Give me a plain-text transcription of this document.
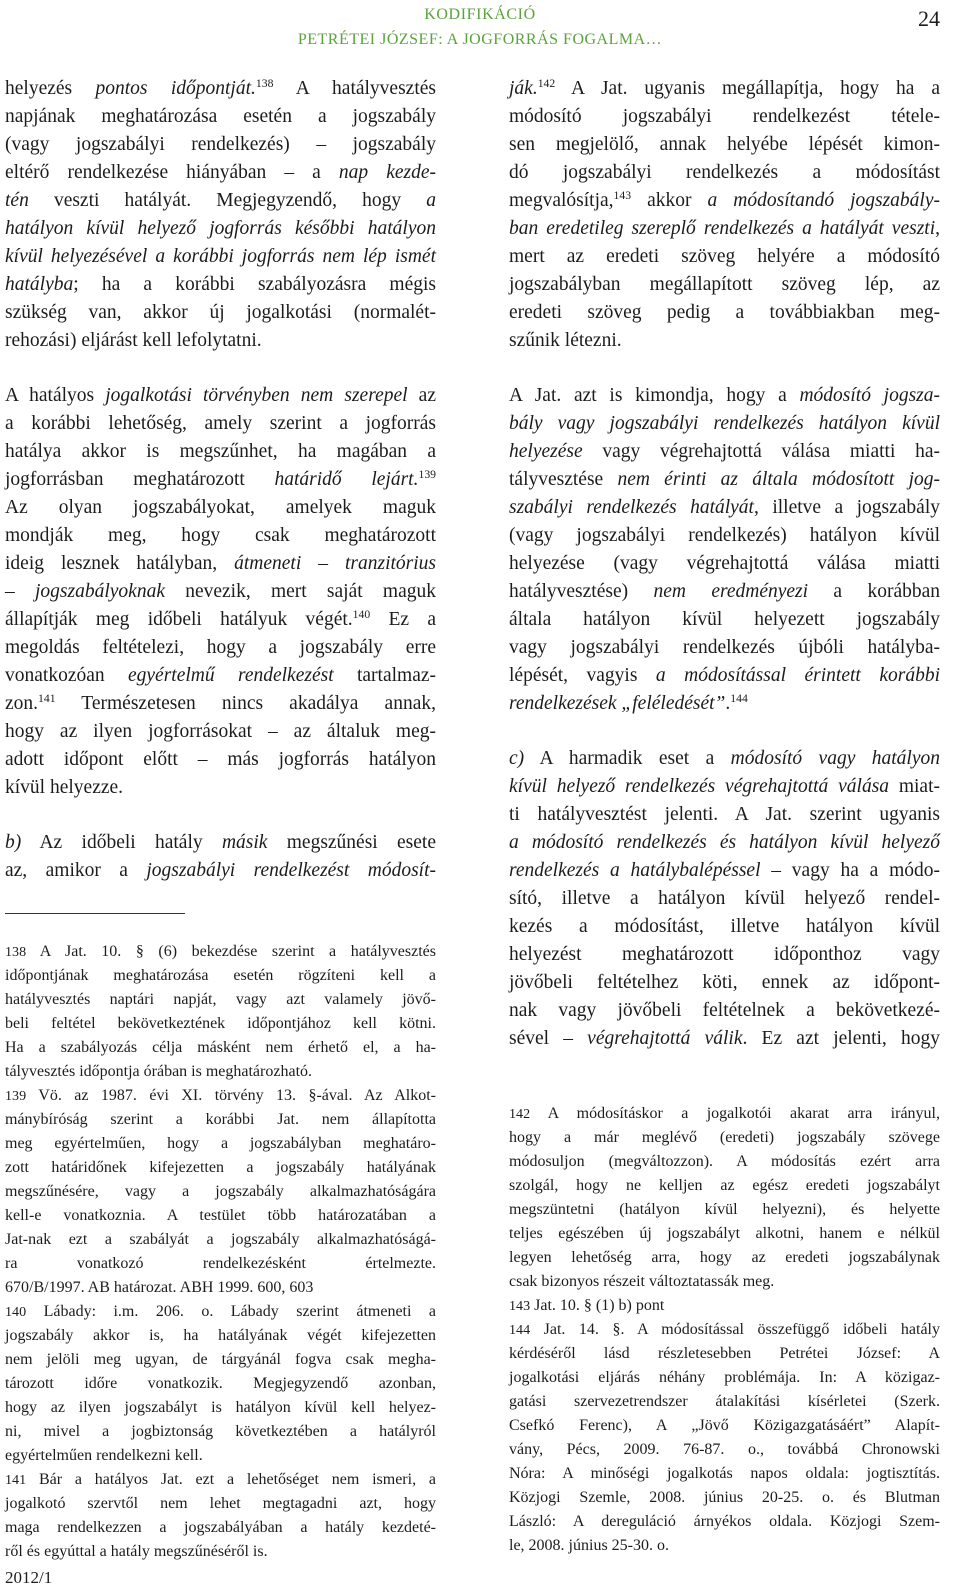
KODIFIKÁCIÓ
PETRÉTEI JÓZSEF: A JOGFORRÁS FOGALMA…
24
helyezés pontos időpontját.$^{138}$ A hatályvesztés
napjának meghatározása esetén a jogszabály
(vagy jogszabályi rendelkezés) – jogszabály
eltérő rendelkezése hiányában – a nap kezde-
tén veszti hatályát. Megjegyzendő, hogy a
hatályon kívül helyező jogforrás későbbi hatályon
kívül helyezésével a korábbi jogforrás nem lép ismét
hatályba; ha a korábbi szabályozásra mégis
szükség van, akkor új jogalkotási (normalét-
rehozási) eljárást kell lefolytatni.
A hatályos jogalkotási törvényben nem szerepel az
a korábbi lehetőség, amely szerint a jogforrás
hatálya akkor is megszűnhet, ha magában a
jogforrásban meghatározott határidő lejárt.$^{139}$
Az olyan jogszabályokat, amelyek maguk
mondják meg, hogy csak meghatározott
ideig lesznek hatályban, átmeneti – tranzitórius
– jogszabályoknak nevezik, mert saját maguk
állapítják meg időbeli hatályuk végét.$^{140}$ Ez a
megoldás feltételezi, hogy a jogszabály erre
vonatkozóan egyértelmű rendelkezést tartalmaz-
zon.$^{141}$ Természetesen nincs akadálya annak,
hogy az ilyen jogforrásokat – az általuk meg-
adott időpont előtt – más jogforrás hatályon
kívül helyezze.
b) Az időbeli hatály másik megszűnési esete
az, amikor a jogszabályi rendelkezést módosít-
138 A Jat. 10. § (6) bekezdése szerint a hatályvesztés
időpontjának meghatározása esetén rögzíteni kell a
hatályvesztés naptári napját, vagy azt valamely jövő-
beli feltétel bekövetkeztének időpontjához kell kötni.
Ha a szabályozás célja másként nem érhető el, a ha-
tályvesztés időpontja órában is meghatározható.
139 Vö. az 1987. évi XI. törvény 13. §-ával. Az Alkot-
mánybíróság szerint a korábbi Jat. nem állapította
meg egyértelműen, hogy a jogszabályban meghatáro-
zott határidőnek kifejezetten a jogszabály hatályának
megszűnésére, vagy a jogszabály alkalmazhatóságára
kell-e vonatkoznia. A testület több határozatában a
Jat-nak ezt a szabályát a jogszabály alkalmazhatóságá-
ra vonatkozó rendelkezésként értelmezte.
670/B/1997. AB határozat. ABH 1999. 600, 603
140 Lábady: i.m. 206. o. Lábady szerint átmeneti a
jogszabály akkor is, ha hatályának végét kifejezetten
nem jelöli meg ugyan, de tárgyánál fogva csak megha-
tározott időre vonatkozik. Megjegyzendő azonban,
hogy az ilyen jogszabályt is hatályon kívül kell helyez-
ni, mivel a jogbiztonság következtében a hatályról
egyértelműen rendelkezni kell.
141 Bár a hatályos Jat. ezt a lehetőséget nem ismeri, a
jogalkotó szervtől nem lehet megtagadni azt, hogy
maga rendelkezzen a jogszabályában a hatály kezdeté-
ről és egyúttal a hatály megszűnéséről is.
ják.$^{142}$ A Jat. ugyanis megállapítja, hogy ha a
módosító jogszabályi rendelkezést tétele-
sen megjelölő, annak helyébe lépését kimon-
dó jogszabályi rendelkezés a módosítást
megvalósítja,$^{143}$ akkor a módosítandó jogszabály-
ban eredetileg szereplő rendelkezés a hatályát veszti,
mert az eredeti szöveg helyére a módosító
jogszabályban megállapított szöveg lép, az
eredeti szöveg pedig a továbbiakban meg-
szűnik létezni.
A Jat. azt is kimondja, hogy a módosító jogsza-
bály vagy jogszabályi rendelkezés hatályon kívül
helyezése vagy végrehajtottá válása miatti ha-
tályvesztése nem érinti az általa módosított jog-
szabályi rendelkezés hatályát, illetve a jogszabály
(vagy jogszabályi rendelkezés) hatályon kívül
helyezése (vagy végrehajtottá válása miatti
hatályvesztése) nem eredményezi a korábban
általa hatályon kívül helyezett jogszabály
vagy jogszabályi rendelkezés újbóli hatályba-
lépését, vagyis a módosítással érintett korábbi
rendelkezések „feléledését”.$^{144}$
c) A harmadik eset a módosító vagy hatályon
kívül helyező rendelkezés végrehajtottá válása miat-
ti hatályvesztést jelenti. A Jat. szerint ugyanis
a módosító rendelkezés és hatályon kívül helyező
rendelkezés a hatálybalépéssel – vagy ha a módo-
sító, illetve a hatályon kívül helyező rendel-
kezés a módosítást, illetve hatályon kívül
helyezést meghatározott időponthoz vagy
jövőbeli feltételhez köti, ennek az időpont-
nak vagy jövőbeli feltételnek a bekövetkezé-
sével – végrehajtottá válik. Ez azt jelenti, hogy
142 A módosításkor a jogalkotói akarat arra irányul,
hogy a már meglévő (eredeti) jogszabály szövege
módosuljon (megváltozzon). A módosítás ezért arra
szolgál, hogy ne kelljen az egész eredeti jogszabályt
megszüntetni (hatályon kívül helyezni), és helyette
teljes egészében új jogszabályt alkotni, hanem e nélkül
legyen lehetőség arra, hogy az eredeti jogszabálynak
csak bizonyos részeit változtatassák meg.
143 Jat. 10. § (1) b) pont
144 Jat. 14. §. A módosítással összefüggő időbeli hatály
kérdéséről lásd részletesebben Petrétei József: A
jogalkotási eljárás néhány problémája. In: A közigaz-
gatási szervezetrendszer átalakítási kísérletei (Szerk.
Csefkó Ferenc), A „Jövő Közigazgatásáért” Alapít-
vány, Pécs, 2009. 76-87. o., továbbá Chronowski
Nóra: A minőségi jogalkotás napos oldala: jogtisztítás.
Közjogi Szemle, 2008. június 20-25. o. és Blutman
László: A dereguláció árnyékos oldala. Közjogi Szem-
le, 2008. június 25-30. o.
2012/1
